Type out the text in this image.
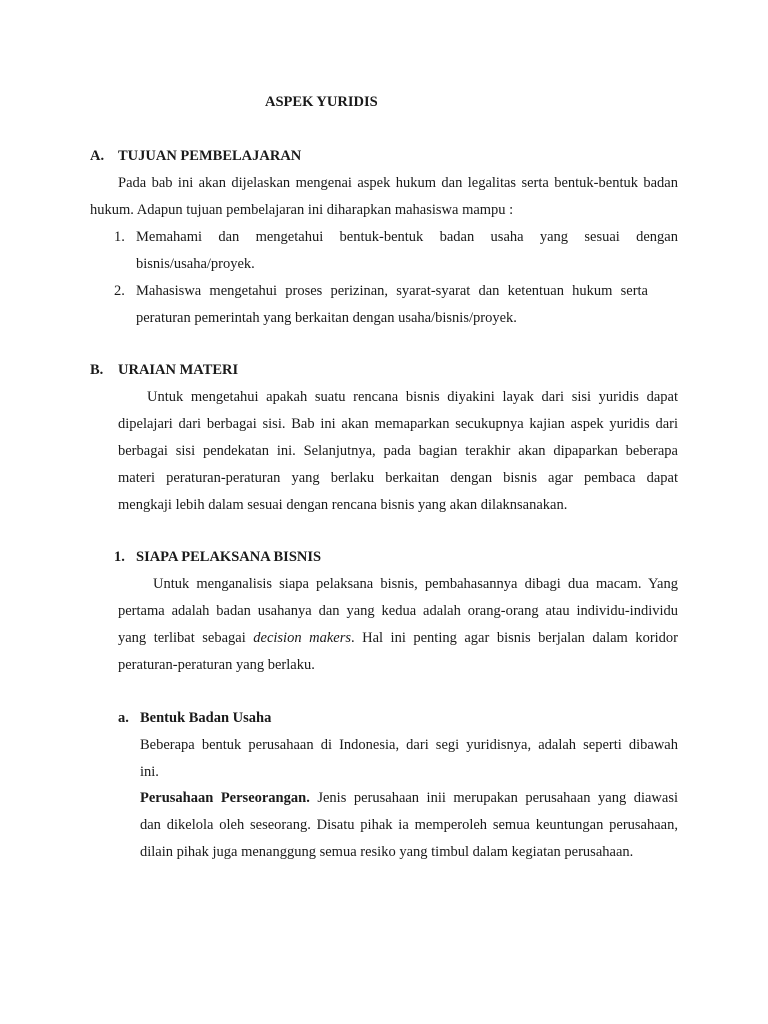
ASPEK YURIDIS
A. TUJUAN PEMBELAJARAN
Pada bab ini akan dijelaskan mengenai aspek hukum dan legalitas serta bentuk-bentuk badan
hukum. Adapun tujuan pembelajaran ini diharapkan mahasiswa mampu :
1. Memahami dan mengetahui bentuk-bentuk badan usaha yang sesuai dengan
bisnis/usaha/proyek.
2. Mahasiswa mengetahui proses perizinan, syarat-syarat dan ketentuan hukum serta
peraturan pemerintah yang berkaitan dengan usaha/bisnis/proyek.
B. URAIAN MATERI
Untuk mengetahui apakah suatu rencana bisnis diyakini layak dari sisi yuridis dapat
dipelajari dari berbagai sisi. Bab ini akan memaparkan secukupnya kajian aspek yuridis dari
berbagai sisi pendekatan ini. Selanjutnya, pada bagian terakhir akan dipaparkan beberapa
materi peraturan-peraturan yang berlaku berkaitan dengan bisnis agar pembaca dapat
mengkaji lebih dalam sesuai dengan rencana bisnis yang akan dilaknsanakan.
1. SIAPA PELAKSANA BISNIS
Untuk menganalisis siapa pelaksana bisnis, pembahasannya dibagi dua macam. Yang
pertama adalah badan usahanya dan yang kedua adalah orang-orang atau individu-individu
yang terlibat sebagai decision makers. Hal ini penting agar bisnis berjalan dalam koridor
peraturan-peraturan yang berlaku.
a. Bentuk Badan Usaha
Beberapa bentuk perusahaan di Indonesia, dari segi yuridisnya, adalah seperti dibawah
ini.
Perusahaan Perseorangan. Jenis perusahaan inii merupakan perusahaan yang diawasi
dan dikelola oleh seseorang. Disatu pihak ia memperoleh semua keuntungan perusahaan,
dilain pihak juga menanggung semua resiko yang timbul dalam kegiatan perusahaan.
